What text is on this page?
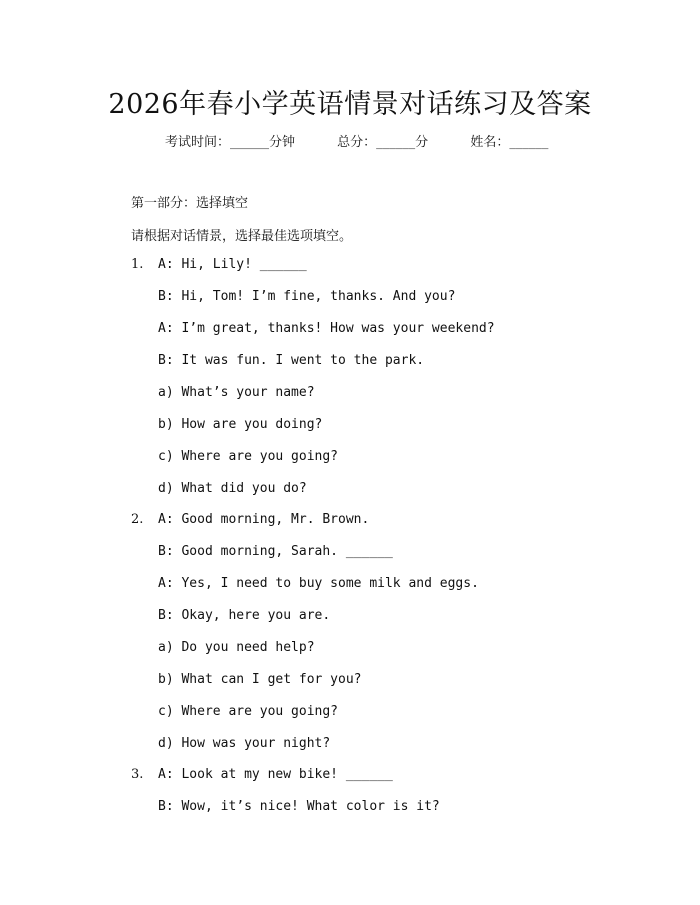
2026年春小学英语情景对话练习及答案
考试时间：______分钟	总分：______分	姓名：______
第一部分：选择填空
请根据对话情景，选择最佳选项填空。
1. A: Hi, Lily! ______
B: Hi, Tom! I’m fine, thanks. And you?
A: I’m great, thanks! How was your weekend?
B: It was fun. I went to the park.
a) What’s your name?
b) How are you doing?
c) Where are you going?
d) What did you do?
2. A: Good morning, Mr. Brown.
B: Good morning, Sarah. ______
A: Yes, I need to buy some milk and eggs.
B: Okay, here you are.
a) Do you need help?
b) What can I get for you?
c) Where are you going?
d) How was your night?
3. A: Look at my new bike! ______
B: Wow, it’s nice! What color is it?
